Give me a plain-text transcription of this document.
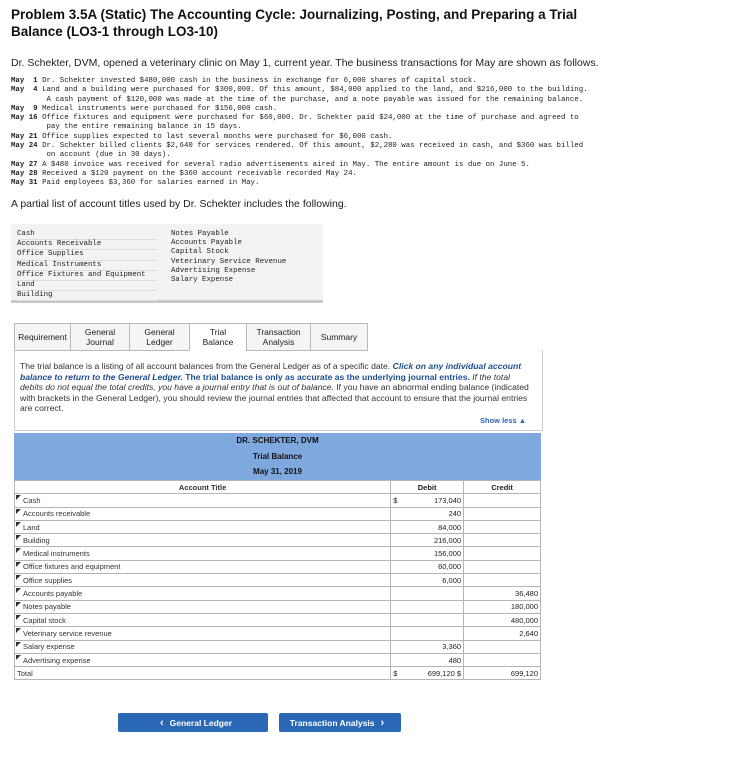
Problem 3.5A (Static) The Accounting Cycle: Journalizing, Posting, and Preparing a Trial Balance (LO3-1 through LO3-10)
Dr. Schekter, DVM, opened a veterinary clinic on May 1, current year. The business transactions for May are shown as follows.
May  1 Dr. Schekter invested $480,000 cash in the business in exchange for 6,000 shares of capital stock.
May  4 Land and a building were purchased for $300,000. Of this amount, $84,000 applied to the land, and $216,000 to the building.
A cash payment of $120,000 was made at the time of the purchase, and a note payable was issued for the remaining balance.
May  9 Medical instruments were purchased for $156,000 cash.
May 16 Office fixtures and equipment were purchased for $60,000. Dr. Schekter paid $24,000 at the time of purchase and agreed to
pay the entire remaining balance in 15 days.
May 21 Office supplies expected to last several months were purchased for $6,000 cash.
May 24 Dr. Schekter billed clients $2,640 for services rendered. Of this amount, $2,280 was received in cash, and $360 was billed
on account (due in 30 days).
May 27 A $480 invoice was received for several radio advertisements aired in May. The entire amount is due on June 5.
May 28 Received a $120 payment on the $360 account receivable recorded May 24.
May 31 Paid employees $3,360 for salaries earned in May.
A partial list of account titles used by Dr. Schekter includes the following.
Cash
Accounts Receivable
Office Supplies
Medical Instruments
Office Fixtures and Equipment
Land
Building
Notes Payable
Accounts Payable
Capital Stock
Veterinary Service Revenue
Advertising Expense
Salary Expense
Requirement	General Journal
General Ledger
Trial Balance
Transaction Analysis	Summary
The trial balance is a listing of all account balances from the General Ledger as of a specific date. Click on any individual account balance to return to the General Ledger. The trial balance is only as accurate as the underlying journal entries. If the total debits do not equal the total credits, you have a journal entry that is out of balance. If you have an abnormal ending balance (indicated with brackets in the General Ledger), you should review the journal entries that affected that account to ensure that the journal entries are correct.
Show less ▲
DR. SCHEKTER, DVM
Trial Balance
May 31, 2019
Account Title	Debit		Credit

Cash	$	173,040	

Accounts receivable		240	

Land		84,000	

Building		216,000	

Medical instruments		156,000	

Office fixtures and equipment		60,000	

Office supplies		6,000	

Accounts payable			36,480

Notes payable			180,000

Capital stock			480,000

Veterinary service revenue			2,640

Salary expense		3,360	

Advertising expense		480	
Total	$	699,120 $	699,120
‹ General Ledger	Transaction Analysis ›
